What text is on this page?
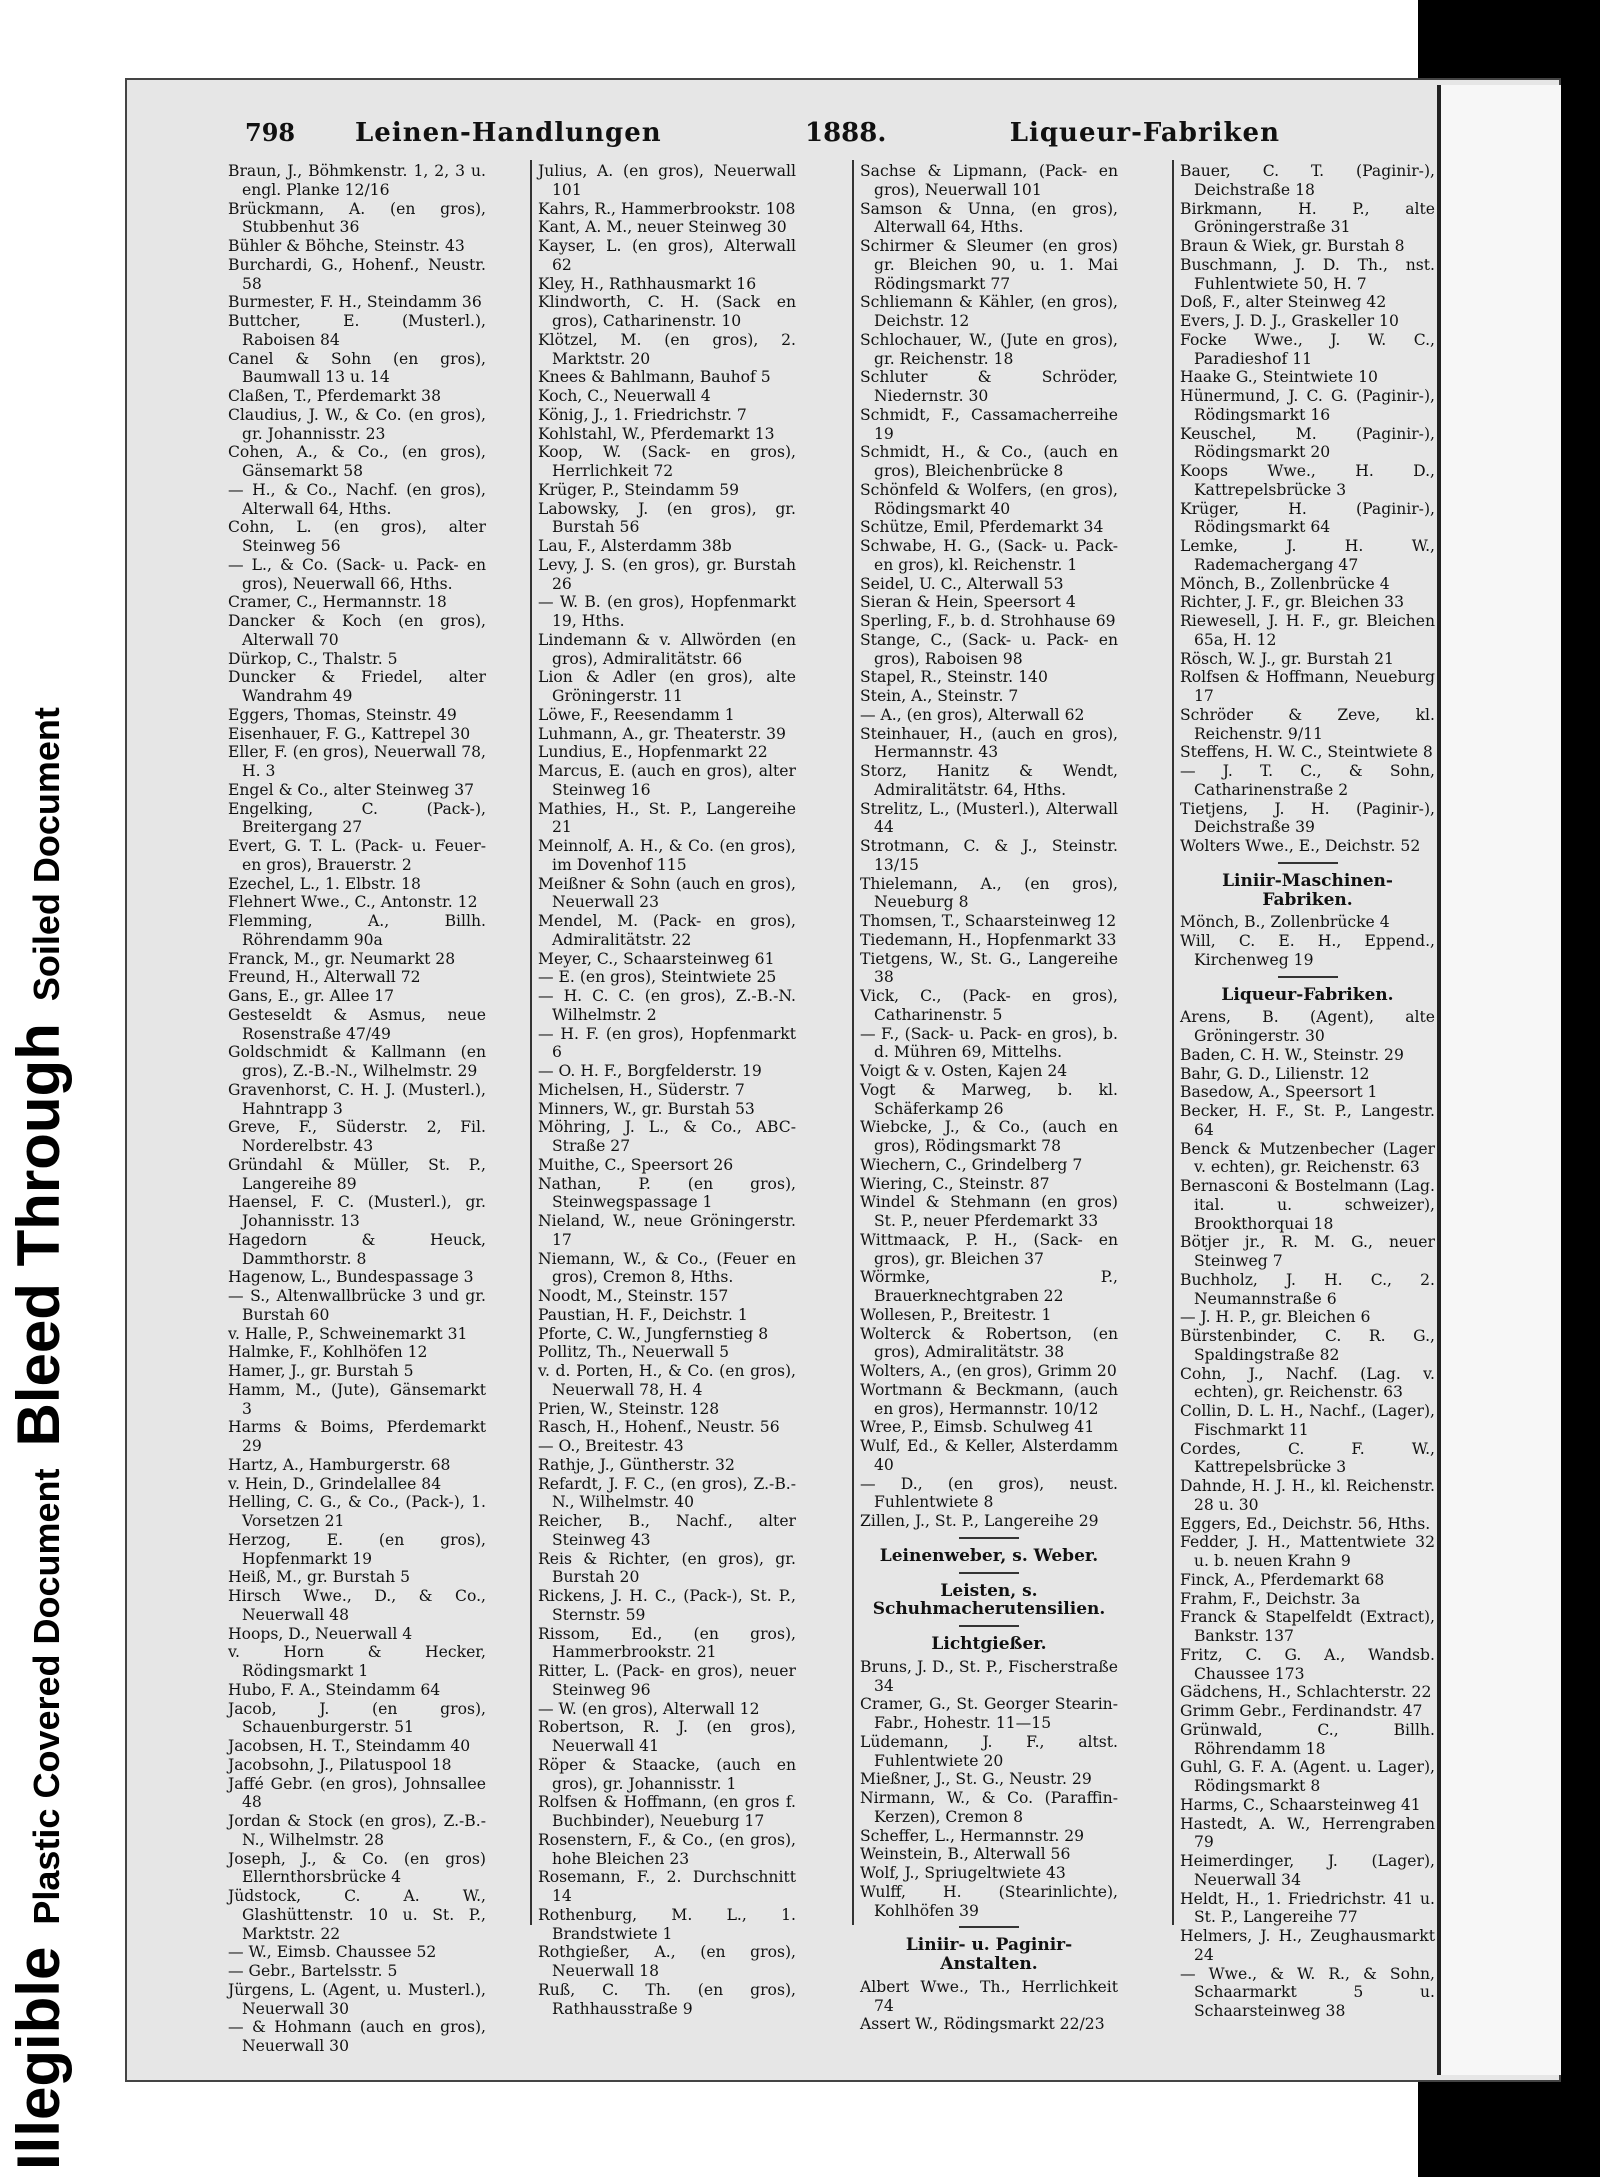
Illegible
Plastic Covered Document
Bleed Through
Soiled Document
798 Leinen-Handlungen	1888.	Liqueur-Fabriken

Braun, J., Böhmkenstr. 1, 2, 3 u. engl. Planke 12/16

Brückmann, A. (en gros), Stubbenhut 36

Bühler & Böhche, Steinstr. 43

Burchardi, G., Hohenf., Neustr. 58

Burmester, F. H., Steindamm 36

Buttcher, E. (Musterl.), Raboisen 84

Canel & Sohn (en gros), Baumwall 13 u. 14

Claßen, T., Pferdemarkt 38

Claudius, J. W., & Co. (en gros), gr. Johannisstr. 23

Cohen, A., & Co., (en gros), Gänsemarkt 58

— H., & Co., Nachf. (en gros), Alterwall 64, Hths.

Cohn, L. (en gros), alter Steinweg 56

— L., & Co. (Sack- u. Pack- en gros), Neuerwall 66, Hths.

Cramer, C., Hermannstr. 18

Dancker & Koch (en gros), Alterwall 70

Dürkop, C., Thalstr. 5

Duncker & Friedel, alter Wandrahm 49

Eggers, Thomas, Steinstr. 49

Eisenhauer, F. G., Kattrepel 30

Eller, F. (en gros), Neuerwall 78, H. 3

Engel & Co., alter Steinweg 37

Engelking, C. (Pack-), Breitergang 27

Evert, G. T. L. (Pack- u. Feuer- en gros), Brauerstr. 2

Ezechel, L., 1. Elbstr. 18

Flehnert Wwe., C., Antonstr. 12

Flemming, A., Billh. Röhrendamm 90a

Franck, M., gr. Neumarkt 28

Freund, H., Alterwall 72

Gans, E., gr. Allee 17

Gesteseldt & Asmus, neue Rosenstraße 47/49

Goldschmidt & Kallmann (en gros), Z.-B.-N., Wilhelmstr. 29

Gravenhorst, C. H. J. (Musterl.), Hahntrapp 3

Greve, F., Süderstr. 2, Fil. Norderelbstr. 43

Gründahl & Müller, St. P., Langereihe 89

Haensel, F. C. (Musterl.), gr. Johannisstr. 13

Hagedorn & Heuck, Dammthorstr. 8

Hagenow, L., Bundespassage 3

— S., Altenwallbrücke 3 und gr. Burstah 60

v. Halle, P., Schweinemarkt 31

Halmke, F., Kohlhöfen 12

Hamer, J., gr. Burstah 5

Hamm, M., (Jute), Gänsemarkt 3

Harms & Boims, Pferdemarkt 29

Hartz, A., Hamburgerstr. 68

v. Hein, D., Grindelallee 84

Helling, C. G., & Co., (Pack-), 1. Vorsetzen 21

Herzog, E. (en gros), Hopfenmarkt 19

Heiß, M., gr. Burstah 5

Hirsch Wwe., D., & Co., Neuerwall 48

Hoops, D., Neuerwall 4

v. Horn & Hecker, Rödingsmarkt 1

Hubo, F. A., Steindamm 64

Jacob, J. (en gros), Schauenburgerstr. 51

Jacobsen, H. T., Steindamm 40

Jacobsohn, J., Pilatuspool 18

Jaffé Gebr. (en gros), Johnsallee 48

Jordan & Stock (en gros), Z.-B.-N., Wilhelmstr. 28

Joseph, J., & Co. (en gros) Ellernthorsbrücke 4

Jüdstock, C. A. W., Glashüttenstr. 10 u. St. P., Marktstr. 22

— W., Eimsb. Chaussee 52

— Gebr., Bartelsstr. 5

Jürgens, L. (Agent, u. Musterl.), Neuerwall 30

— & Hohmann (auch en gros), Neuerwall 30

Julius, A. (en gros), Neuerwall 101

Kahrs, R., Hammerbrookstr. 108

Kant, A. M., neuer Steinweg 30

Kayser, L. (en gros), Alterwall 62

Kley, H., Rathhausmarkt 16

Klindworth, C. H. (Sack en gros), Catharinenstr. 10

Klötzel, M. (en gros), 2. Marktstr. 20

Knees & Bahlmann, Bauhof 5

Koch, C., Neuerwall 4

König, J., 1. Friedrichstr. 7

Kohlstahl, W., Pferdemarkt 13

Koop, W. (Sack- en gros), Herrlichkeit 72

Krüger, P., Steindamm 59

Labowsky, J. (en gros), gr. Burstah 56

Lau, F., Alsterdamm 38b

Levy, J. S. (en gros), gr. Burstah 26

— W. B. (en gros), Hopfenmarkt 19, Hths.

Lindemann & v. Allwörden (en gros), Admiralitätstr. 66

Lion & Adler (en gros), alte Gröningerstr. 11

Löwe, F., Reesendamm 1

Luhmann, A., gr. Theaterstr. 39

Lundius, E., Hopfenmarkt 22

Marcus, E. (auch en gros), alter Steinweg 16

Mathies, H., St. P., Langereihe 21

Meinnolf, A. H., & Co. (en gros), im Dovenhof 115

Meißner & Sohn (auch en gros), Neuerwall 23

Mendel, M. (Pack- en gros), Admiralitätstr. 22

Meyer, C., Schaarsteinweg 61

— E. (en gros), Steintwiete 25

— H. C. C. (en gros), Z.-B.-N. Wilhelmstr. 2

— H. F. (en gros), Hopfenmarkt 6

— O. H. F., Borgfelderstr. 19

Michelsen, H., Süderstr. 7

Minners, W., gr. Burstah 53

Möhring, J. L., & Co., ABC-Straße 27

Muithe, C., Speersort 26

Nathan, P. (en gros), Steinwegspassage 1

Nieland, W., neue Gröningerstr. 17

Niemann, W., & Co., (Feuer en gros), Cremon 8, Hths.

Noodt, M., Steinstr. 157

Paustian, H. F., Deichstr. 1

Pforte, C. W., Jungfernstieg 8

Pollitz, Th., Neuerwall 5

v. d. Porten, H., & Co. (en gros), Neuerwall 78, H. 4

Prien, W., Steinstr. 128

Rasch, H., Hohenf., Neustr. 56

— O., Breitestr. 43

Rathje, J., Güntherstr. 32

Refardt, J. F. C., (en gros), Z.-B.-N., Wilhelmstr. 40

Reicher, B., Nachf., alter Steinweg 43

Reis & Richter, (en gros), gr. Burstah 20

Rickens, J. H. C., (Pack-), St. P., Sternstr. 59

Rissom, Ed., (en gros), Hammerbrookstr. 21

Ritter, L. (Pack- en gros), neuer Steinweg 96

— W. (en gros), Alterwall 12

Robertson, R. J. (en gros), Neuerwall 41

Röper & Staacke, (auch en gros), gr. Johannisstr. 1

Rolfsen & Hoffmann, (en gros f. Buchbinder), Neueburg 17

Rosenstern, F., & Co., (en gros), hohe Bleichen 23

Rosemann, F., 2. Durchschnitt 14

Rothenburg, M. L., 1. Brandstwiete 1

Rothgießer, A., (en gros), Neuerwall 18

Ruß, C. Th. (en gros), Rathhausstraße 9

Sachse & Lipmann, (Pack- en gros), Neuerwall 101

Samson & Unna, (en gros), Alterwall 64, Hths.

Schirmer & Sleumer (en gros) gr. Bleichen 90, u. 1. Mai Rödingsmarkt 77

Schliemann & Kähler, (en gros), Deichstr. 12

Schlochauer, W., (Jute en gros), gr. Reichenstr. 18

Schluter & Schröder, Niedernstr. 30

Schmidt, F., Cassamacherreihe 19

Schmidt, H., & Co., (auch en gros), Bleichenbrücke 8

Schönfeld & Wolfers, (en gros), Rödingsmarkt 40

Schütze, Emil, Pferdemarkt 34

Schwabe, H. G., (Sack- u. Pack- en gros), kl. Reichenstr. 1

Seidel, U. C., Alterwall 53

Sieran & Hein, Speersort 4

Sperling, F., b. d. Strohhause 69

Stange, C., (Sack- u. Pack- en gros), Raboisen 98

Stapel, R., Steinstr. 140

Stein, A., Steinstr. 7

— A., (en gros), Alterwall 62

Steinhauer, H., (auch en gros), Hermannstr. 43

Storz, Hanitz & Wendt, Admiralitätstr. 64, Hths.

Strelitz, L., (Musterl.), Alterwall 44

Strotmann, C. & J., Steinstr. 13/15

Thielemann, A., (en gros), Neueburg 8

Thomsen, T., Schaarsteinweg 12

Tiedemann, H., Hopfenmarkt 33

Tietgens, W., St. G., Langereihe 38

Vick, C., (Pack- en gros), Catharinenstr. 5

— F., (Sack- u. Pack- en gros), b. d. Mühren 69, Mittelhs.

Voigt & v. Osten, Kajen 24

Vogt & Marweg, b. kl. Schäferkamp 26

Wiebcke, J., & Co., (auch en gros), Rödingsmarkt 78

Wiechern, C., Grindelberg 7

Wiering, C., Steinstr. 87

Windel & Stehmann (en gros) St. P., neuer Pferdemarkt 33

Wittmaack, P. H., (Sack- en gros), gr. Bleichen 37

Wörmke, P., Brauerknechtgraben 22

Wollesen, P., Breitestr. 1

Wolterck & Robertson, (en gros), Admiralitätstr. 38

Wolters, A., (en gros), Grimm 20

Wortmann & Beckmann, (auch en gros), Hermannstr. 10/12

Wree, P., Eimsb. Schulweg 41

Wulf, Ed., & Keller, Alsterdamm 40

— D., (en gros), neust. Fuhlentwiete 8

Zillen, J., St. P., Langereihe 29

Leinenweber, s. Weber.
Leisten, s. Schuhmacherutensilien.
Lichtgießer.

Bruns, J. D., St. P., Fischerstraße 34

Cramer, G., St. Georger Stearin-Fabr., Hohestr. 11—15

Lüdemann, J. F., altst. Fuhlentwiete 20

Mießner, J., St. G., Neustr. 29

Nirmann, W., & Co. (Paraffin-Kerzen), Cremon 8

Scheffer, L., Hermannstr. 29

Weinstein, B., Alterwall 56

Wolf, J., Spriugeltwiete 43

Wulff, H. (Stearinlichte), Kohlhöfen 39

Liniir- u. Paginir-Anstalten.

Albert Wwe., Th., Herrlichkeit 74

Assert W., Rödingsmarkt 22/23

Bauer, C. T. (Paginir-), Deichstraße 18

Birkmann, H. P., alte Gröningerstraße 31

Braun & Wiek, gr. Burstah 8

Buschmann, J. D. Th., nst. Fuhlentwiete 50, H. 7

Doß, F., alter Steinweg 42

Evers, J. D. J., Graskeller 10

Focke Wwe., J. W. C., Paradieshof 11

Haake G., Steintwiete 10

Hünermund, J. C. G. (Paginir-), Rödingsmarkt 16

Keuschel, M. (Paginir-), Rödingsmarkt 20

Koops Wwe., H. D., Kattrepelsbrücke 3

Krüger, H. (Paginir-), Rödingsmarkt 64

Lemke, J. H. W., Rademachergang 47

Mönch, B., Zollenbrücke 4

Richter, J. F., gr. Bleichen 33

Riewesell, J. H. F., gr. Bleichen 65a, H. 12

Rösch, W. J., gr. Burstah 21

Rolfsen & Hoffmann, Neueburg 17

Schröder & Zeve, kl. Reichenstr. 9/11

Steffens, H. W. C., Steintwiete 8

— J. T. C., & Sohn, Catharinenstraße 2

Tietjens, J. H. (Paginir-), Deichstraße 39

Wolters Wwe., E., Deichstr. 52

Liniir-Maschinen-Fabriken.

Mönch, B., Zollenbrücke 4

Will, C. E. H., Eppend., Kirchenweg 19

Liqueur-Fabriken.

Arens, B. (Agent), alte Gröningerstr. 30

Baden, C. H. W., Steinstr. 29

Bahr, G. D., Lilienstr. 12

Basedow, A., Speersort 1

Becker, H. F., St. P., Langestr. 64

Benck & Mutzenbecher (Lager v. echten), gr. Reichenstr. 63

Bernasconi & Bostelmann (Lag. ital. u. schweizer), Brookthorquai 18

Bötjer jr., R. M. G., neuer Steinweg 7

Buchholz, J. H. C., 2. Neumannstraße 6

— J. H. P., gr. Bleichen 6

Bürstenbinder, C. R. G., Spaldingstraße 82

Cohn, J., Nachf. (Lag. v. echten), gr. Reichenstr. 63

Collin, D. L. H., Nachf., (Lager), Fischmarkt 11

Cordes, C. F. W., Kattrepelsbrücke 3

Dahnde, H. J. H., kl. Reichenstr. 28 u. 30

Eggers, Ed., Deichstr. 56, Hths.

Fedder, J. H., Mattentwiete 32 u. b. neuen Krahn 9

Finck, A., Pferdemarkt 68

Frahm, F., Deichstr. 3a

Franck & Stapelfeldt (Extract), Bankstr. 137

Fritz, C. G. A., Wandsb. Chaussee 173

Gädchens, H., Schlachterstr. 22

Grimm Gebr., Ferdinandstr. 47

Grünwald, C., Billh. Röhrendamm 18

Guhl, G. F. A. (Agent. u. Lager), Rödingsmarkt 8

Harms, C., Schaarsteinweg 41

Hastedt, A. W., Herrengraben 79

Heimerdinger, J. (Lager), Neuerwall 34

Heldt, H., 1. Friedrichstr. 41 u. St. P., Langereihe 77

Helmers, J. H., Zeughausmarkt 24

— Wwe., & W. R., & Sohn, Schaarmarkt 5 u. Schaarsteinweg 38
